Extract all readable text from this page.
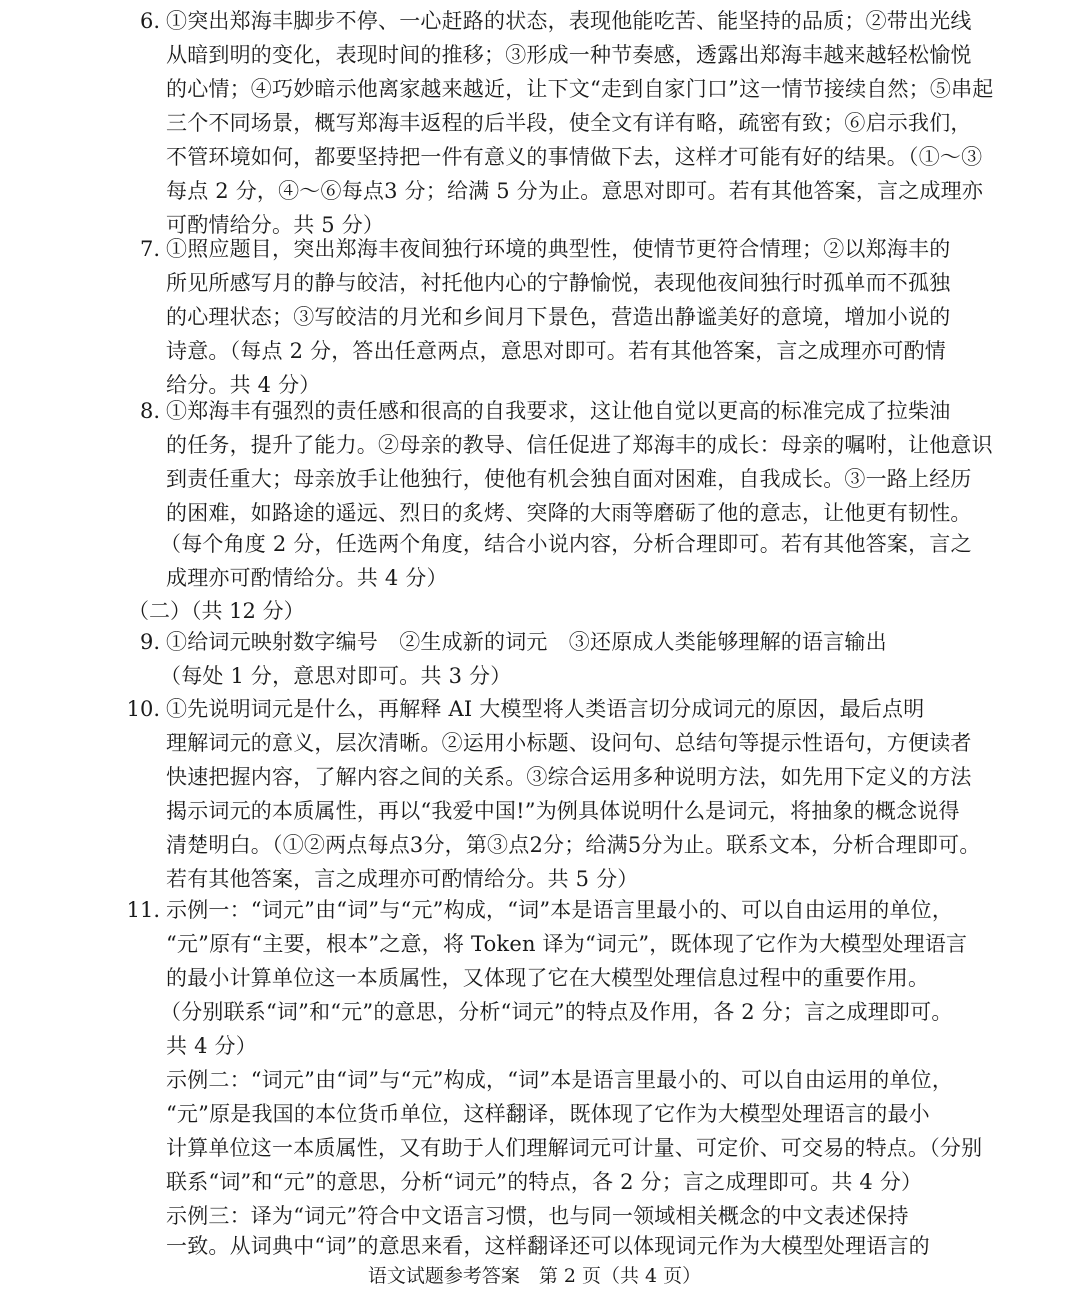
6. ①突出郑海丰脚步不停、一心赶路的状态，表现他能吃苦、能坚持的品质；②带出光线
从暗到明的变化，表现时间的推移；③形成一种节奏感，透露出郑海丰越来越轻松愉悦
的心情；④巧妙暗示他离家越来越近，让下文“走到自家门口”这一情节接续自然；⑤串起
三个不同场景，概写郑海丰返程的后半段，使全文有详有略，疏密有致；⑥启示我们，
不管环境如何，都要坚持把一件有意义的事情做下去，这样才可能有好的结果。（①～③
每点 2 分，④～⑥每点3 分；给满 5 分为止。意思对即可。若有其他答案，言之成理亦
可酌情给分。共 5 分）
7. ①照应题目，突出郑海丰夜间独行环境的典型性，使情节更符合情理；②以郑海丰的
所见所感写月的静与皎洁，衬托他内心的宁静愉悦，表现他夜间独行时孤单而不孤独
的心理状态；③写皎洁的月光和乡间月下景色，营造出静谧美好的意境，增加小说的
诗意。（每点 2 分，答出任意两点，意思对即可。若有其他答案，言之成理亦可酌情
给分。共 4 分）
8. ①郑海丰有强烈的责任感和很高的自我要求，这让他自觉以更高的标准完成了拉柴油
的任务，提升了能力。②母亲的教导、信任促进了郑海丰的成长：母亲的嘱咐，让他意识
到责任重大；母亲放手让他独行，使他有机会独自面对困难，自我成长。③一路上经历
的困难，如路途的遥远、烈日的炙烤、突降的大雨等磨砺了他的意志，让他更有韧性。
（每个角度 2 分，任选两个角度，结合小说内容，分析合理即可。若有其他答案，言之
成理亦可酌情给分。共 4 分）
（二）（共 12 分）
9. ①给词元映射数字编号　②生成新的词元　③还原成人类能够理解的语言输出
（每处 1 分，意思对即可。共 3 分）
10. ①先说明词元是什么，再解释 AI 大模型将人类语言切分成词元的原因，最后点明
理解词元的意义，层次清晰。②运用小标题、设问句、总结句等提示性语句，方便读者
快速把握内容，了解内容之间的关系。③综合运用多种说明方法，如先用下定义的方法
揭示词元的本质属性，再以“我爱中国!”为例具体说明什么是词元，将抽象的概念说得
清楚明白。（①②两点每点3分，第③点2分；给满5分为止。联系文本，分析合理即可。
若有其他答案，言之成理亦可酌情给分。共 5 分）
11. 示例一：“词元”由“词”与“元”构成，“词”本是语言里最小的、可以自由运用的单位，
“元”原有“主要，根本”之意，将 Token 译为“词元”，既体现了它作为大模型处理语言
的最小计算单位这一本质属性，又体现了它在大模型处理信息过程中的重要作用。
（分别联系“词”和“元”的意思，分析“词元”的特点及作用，各 2 分；言之成理即可。
共 4 分）
示例二：“词元”由“词”与“元”构成，“词”本是语言里最小的、可以自由运用的单位，
“元”原是我国的本位货币单位，这样翻译，既体现了它作为大模型处理语言的最小
计算单位这一本质属性，又有助于人们理解词元可计量、可定价、可交易的特点。（分别
联系“词”和“元”的意思，分析“词元”的特点，各 2 分；言之成理即可。共 4 分）
示例三：译为“词元”符合中文语言习惯，也与同一领域相关概念的中文表述保持
一致。从词典中“词”的意思来看，这样翻译还可以体现词元作为大模型处理语言的
语文试题参考答案　第 2 页（共 4 页）
